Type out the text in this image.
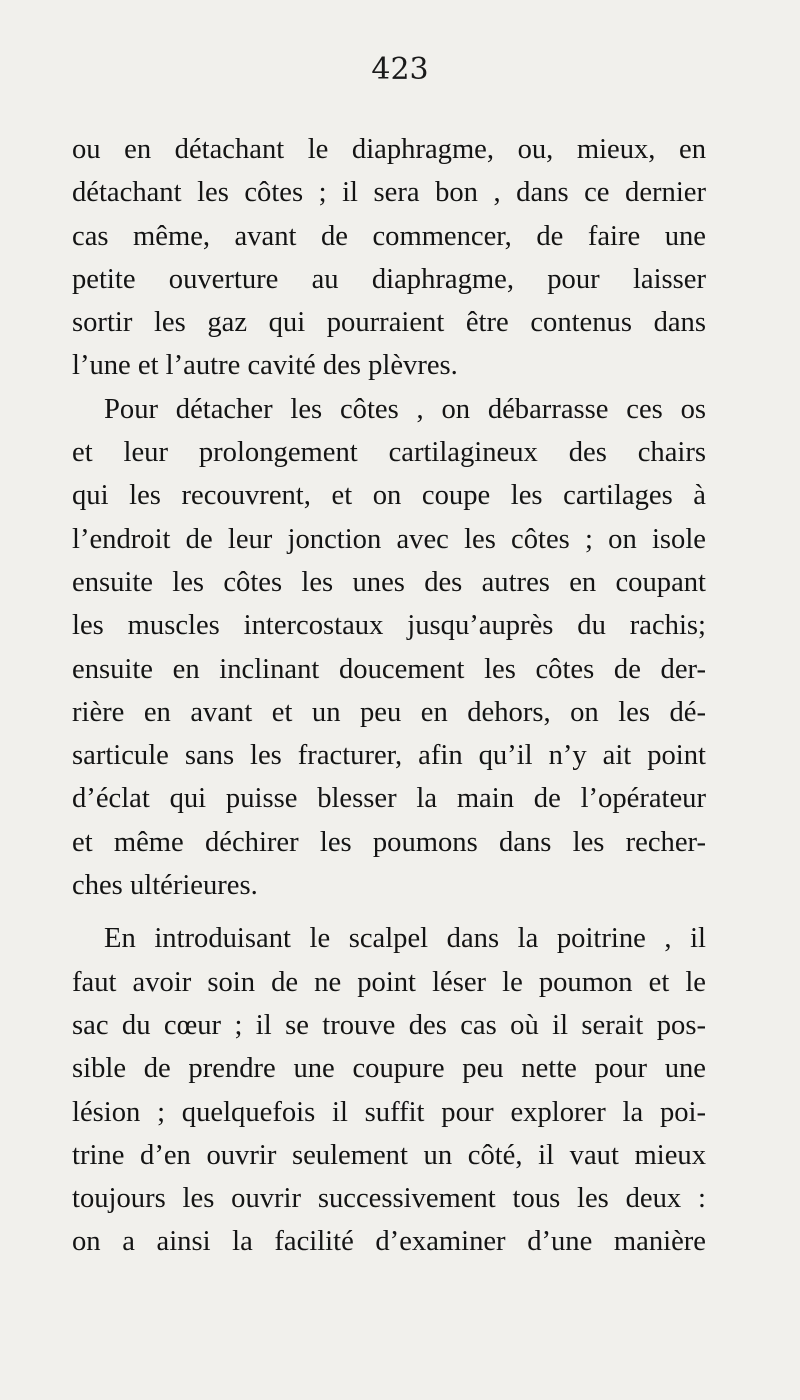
423
ou en détachant le diaphragme, ou, mieux, en
détachant les côtes ; il sera bon , dans ce dernier
cas même, avant de commencer, de faire une
petite ouverture au diaphragme, pour laisser
sortir les gaz qui pourraient être contenus dans
l’une et l’autre cavité des plèvres.
Pour détacher les côtes , on débarrasse ces os
et leur prolongement cartilagineux des chairs
qui les recouvrent, et on coupe les cartilages à
l’endroit de leur jonction avec les côtes ; on isole
ensuite les côtes les unes des autres en coupant
les muscles intercostaux jusqu’auprès du rachis;
ensuite en inclinant doucement les côtes de der-
rière en avant et un peu en dehors, on les dé-
sarticule sans les fracturer, afin qu’il n’y ait point
d’éclat qui puisse blesser la main de l’opérateur
et même déchirer les poumons dans les recher-
ches ultérieures.
En introduisant le scalpel dans la poitrine , il
faut avoir soin de ne point léser le poumon et le
sac du cœur ; il se trouve des cas où il serait pos-
sible de prendre une coupure peu nette pour une
lésion ; quelquefois il suffit pour explorer la poi-
trine d’en ouvrir seulement un côté, il vaut mieux
toujours les ouvrir successivement tous les deux :
on a ainsi la facilité d’examiner d’une manière
